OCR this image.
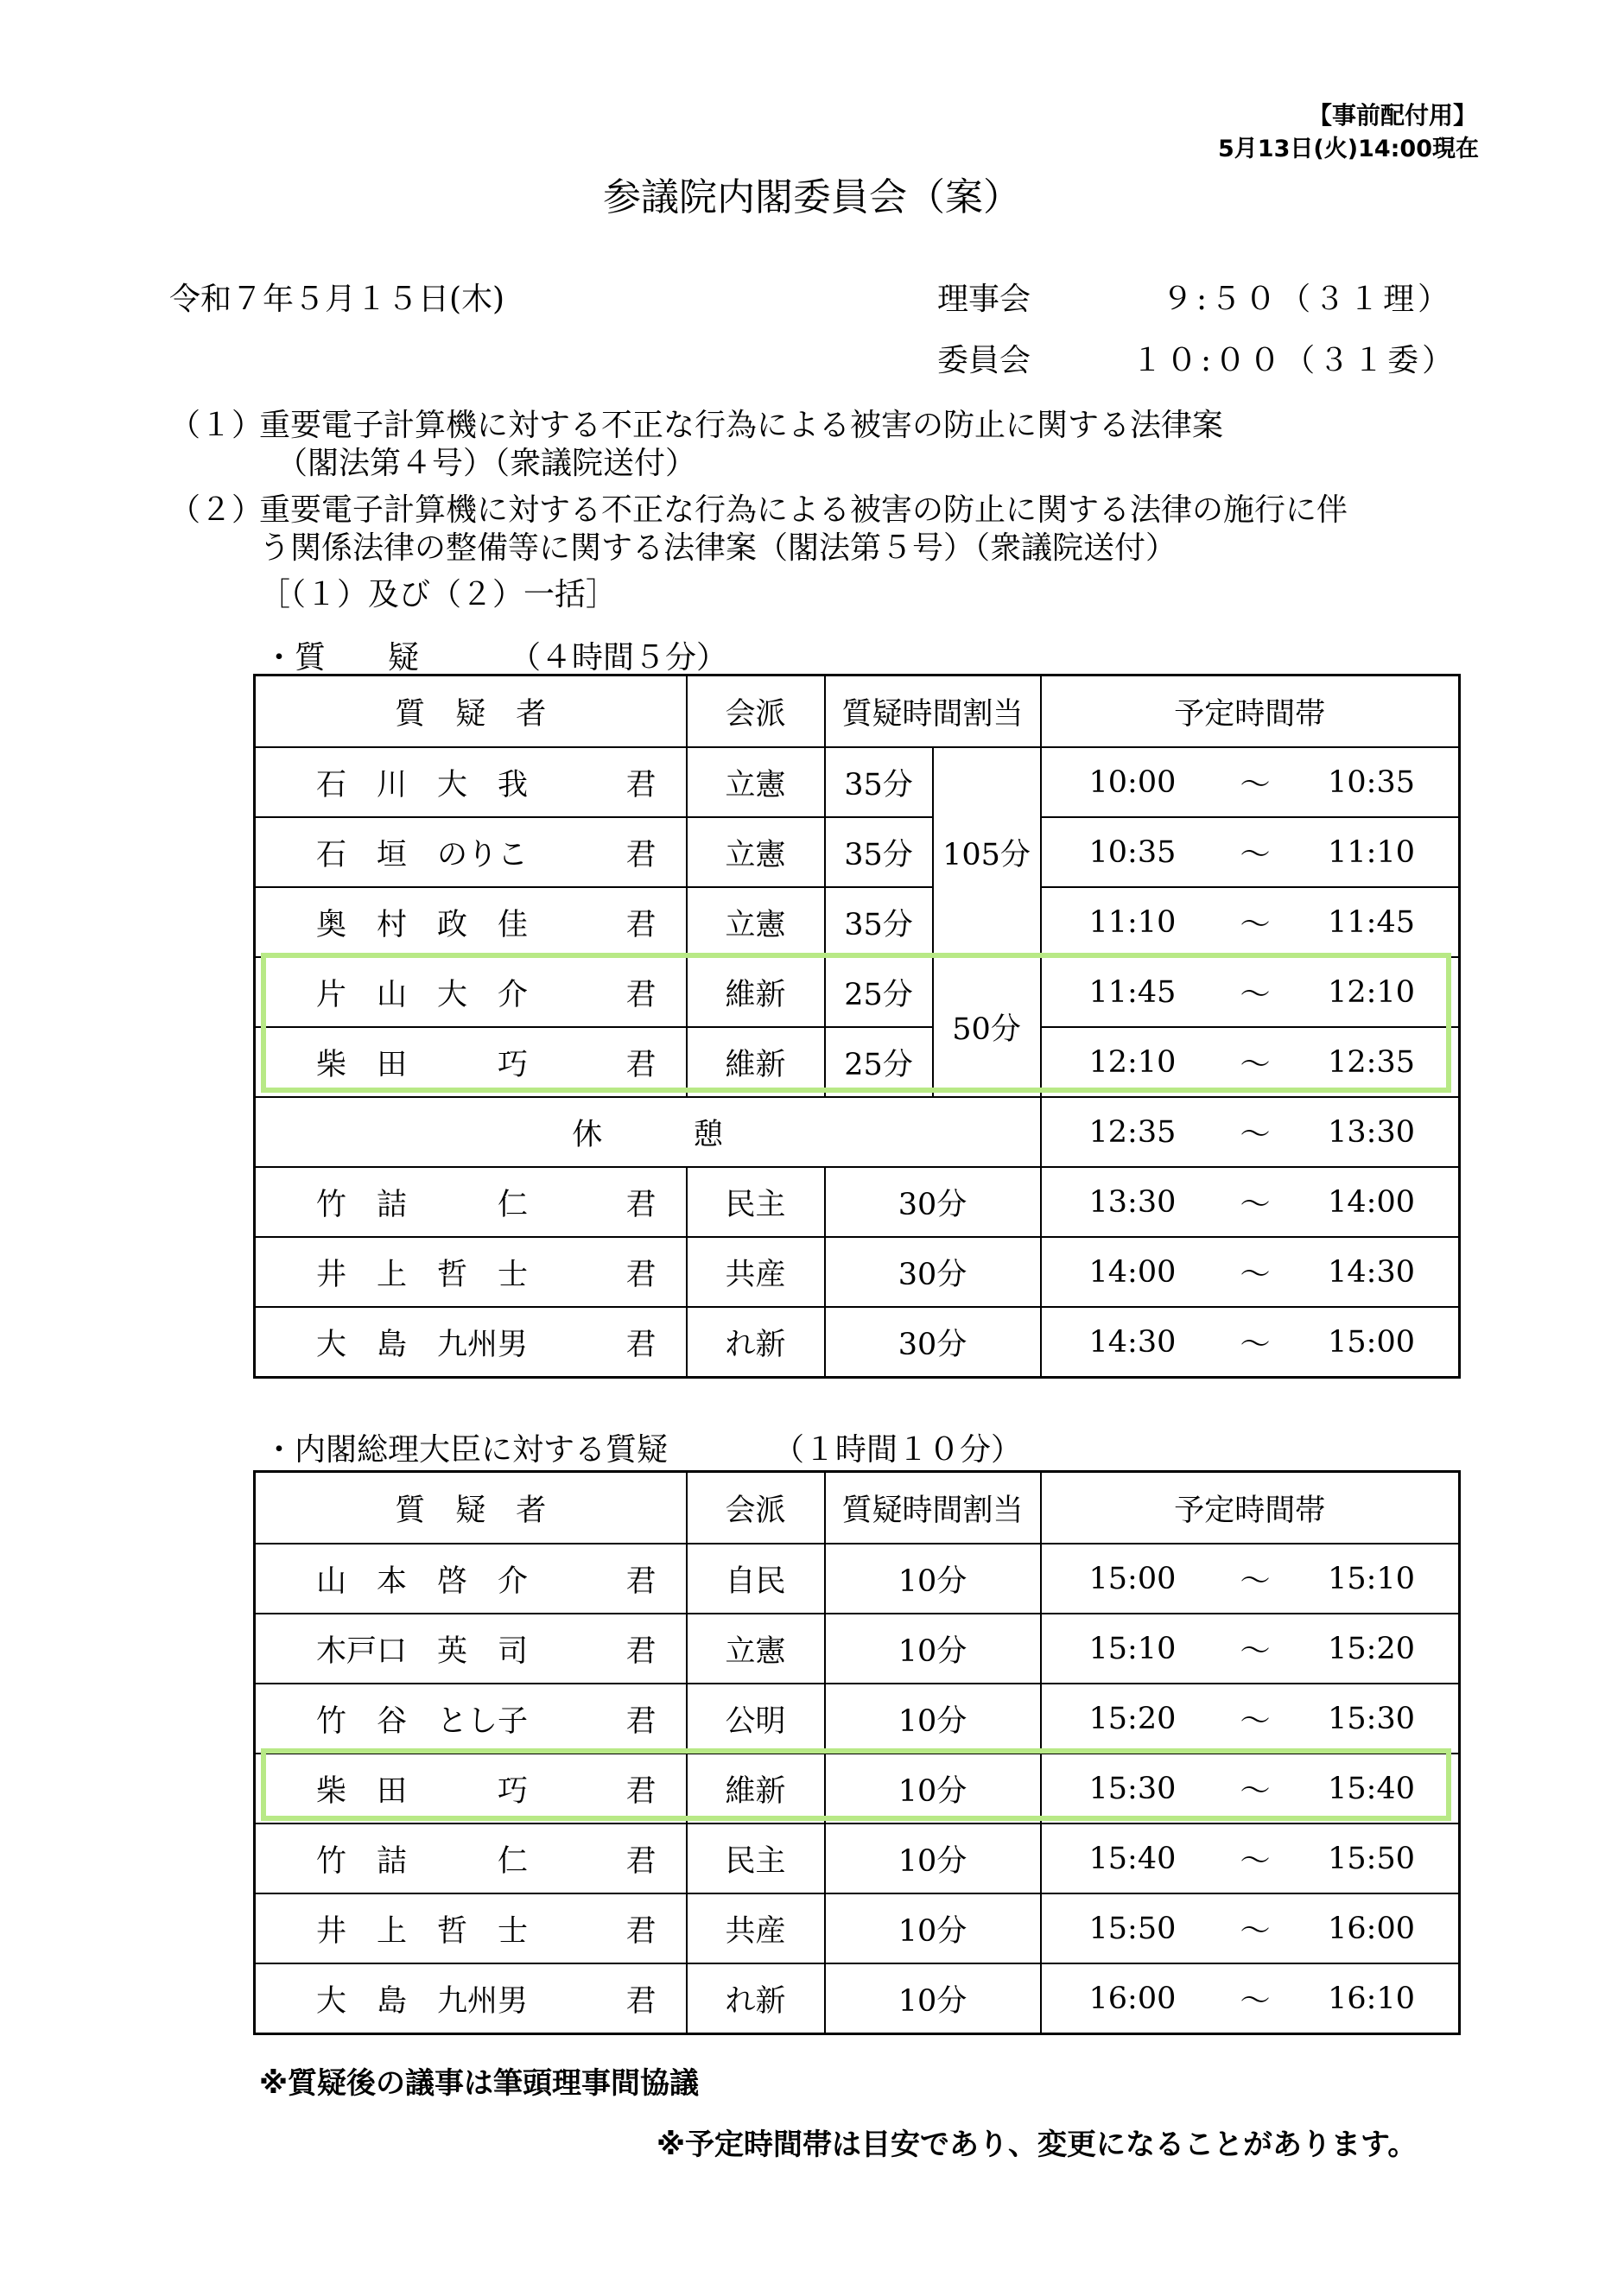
【事前配付用】
5月13日(火)14:00現在
参議院内閣委員会（案）
令和７年５月１５日(木)	理事会	９:５０（３１理）
委員会	１０:００（３１委）
（１）
重要電子計算機に対する不正な行為による被害の防止に関する法律案
（閣法第４号）（衆議院送付）
（２）
重要電子計算機に対する不正な行為による被害の防止に関する法律の施行に伴
う関係法律の整備等に関する法律案（閣法第５号）（衆議院送付）
［（１）及び（２）一括］
・質　　疑	（４時間５分）
質　疑　者	会派	質疑時間割当		予定時間帯

石　川　大　我 君	立憲	35分	105分	10:00 〜 10:35

石　垣　のりこ 君	立憲	35分		10:35 〜 11:10

奥　村　政　佳 君	立憲	35分		11:10 〜 11:45

片　山　大　介 君	維新	25分	50分	11:45 〜 12:10

柴　田　　　巧 君	維新	25分		12:10 〜 12:35

休　　　憩				12:35 〜 13:30

竹　詰　　　仁 君	民主	30分		13:30 〜 14:00

井　上　哲　士 君	共産	30分		14:00 〜 14:30

大　島　九州男 君	れ新	30分		14:30 〜 15:00
・内閣総理大臣に対する質疑	（１時間１０分）
質　疑　者	会派	質疑時間割当	予定時間帯

山　本　啓　介 君	自民	10分	15:00 〜 15:10

木戸口　英　司 君	立憲	10分	15:10 〜 15:20

竹　谷　とし子 君	公明	10分	15:20 〜 15:30

柴　田　　　巧 君	維新	10分	15:30 〜 15:40

竹　詰　　　仁 君	民主	10分	15:40 〜 15:50

井　上　哲　士 君	共産	10分	15:50 〜 16:00

大　島　九州男 君	れ新	10分	16:00 〜 16:10
※質疑後の議事は筆頭理事間協議
※予定時間帯は目安であり、変更になることがあります。
